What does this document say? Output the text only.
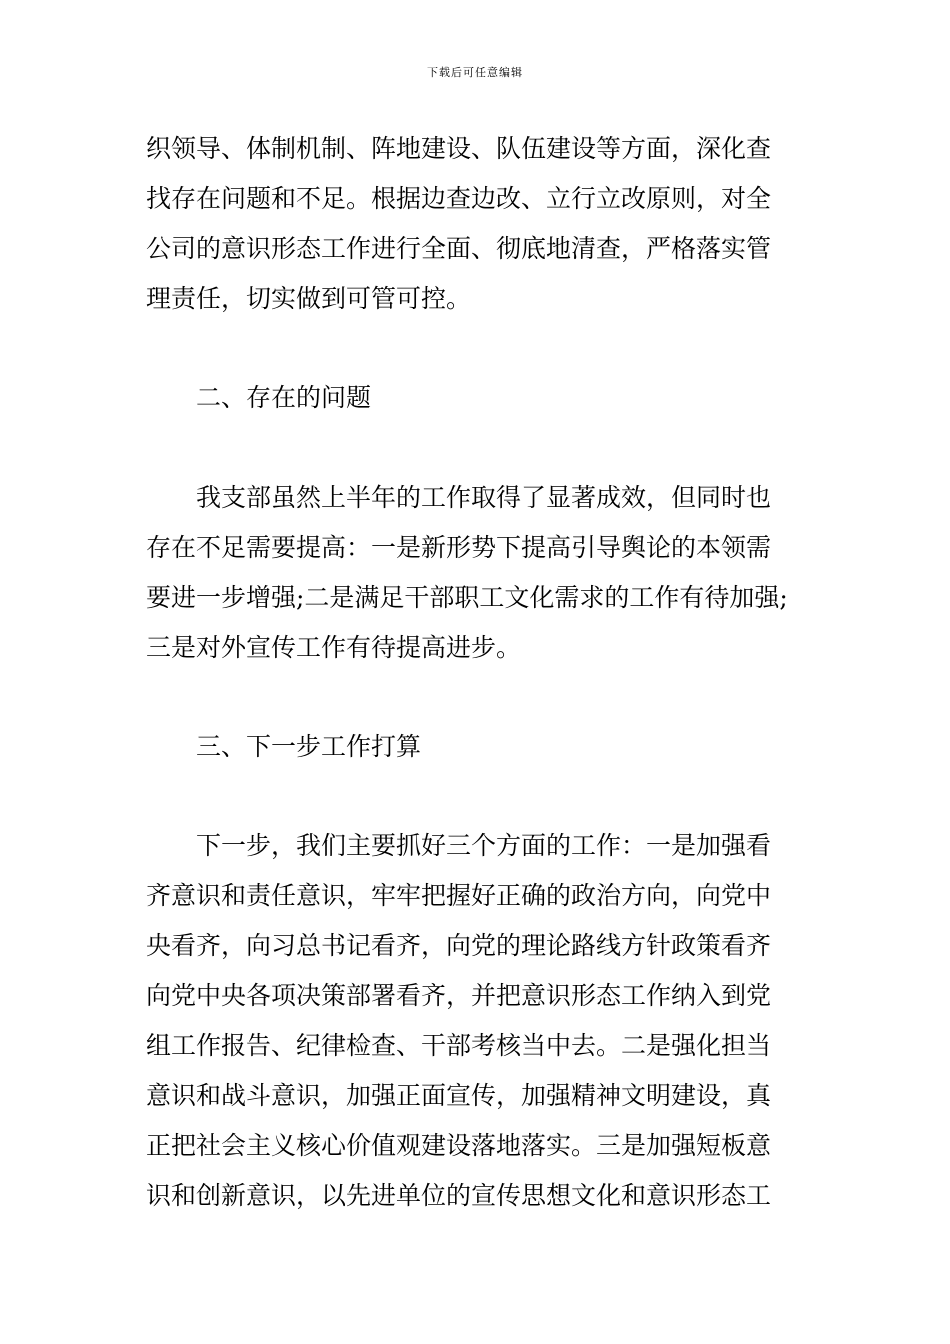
下载后可任意编辑
织领导、体制机制、阵地建设、队伍建设等方面，深化查
找存在问题和不足。根据边查边改、立行立改原则，对全
公司的意识形态工作进行全面、彻底地清查，严格落实管
理责任，切实做到可管可控。
二、存在的问题
我支部虽然上半年的工作取得了显著成效，但同时也
存在不足需要提高：一是新形势下提高引导舆论的本领需
要进一步增强;二是满足干部职工文化需求的工作有待加强;
三是对外宣传工作有待提高进步。
三、下一步工作打算
下一步，我们主要抓好三个方面的工作：一是加强看
齐意识和责任意识，牢牢把握好正确的政治方向，向党中
央看齐，向习总书记看齐，向党的理论路线方针政策看齐
向党中央各项决策部署看齐，并把意识形态工作纳入到党
组工作报告、纪律检查、干部考核当中去。二是强化担当
意识和战斗意识，加强正面宣传，加强精神文明建设，真
正把社会主义核心价值观建设落地落实。三是加强短板意
识和创新意识，以先进单位的宣传思想文化和意识形态工
